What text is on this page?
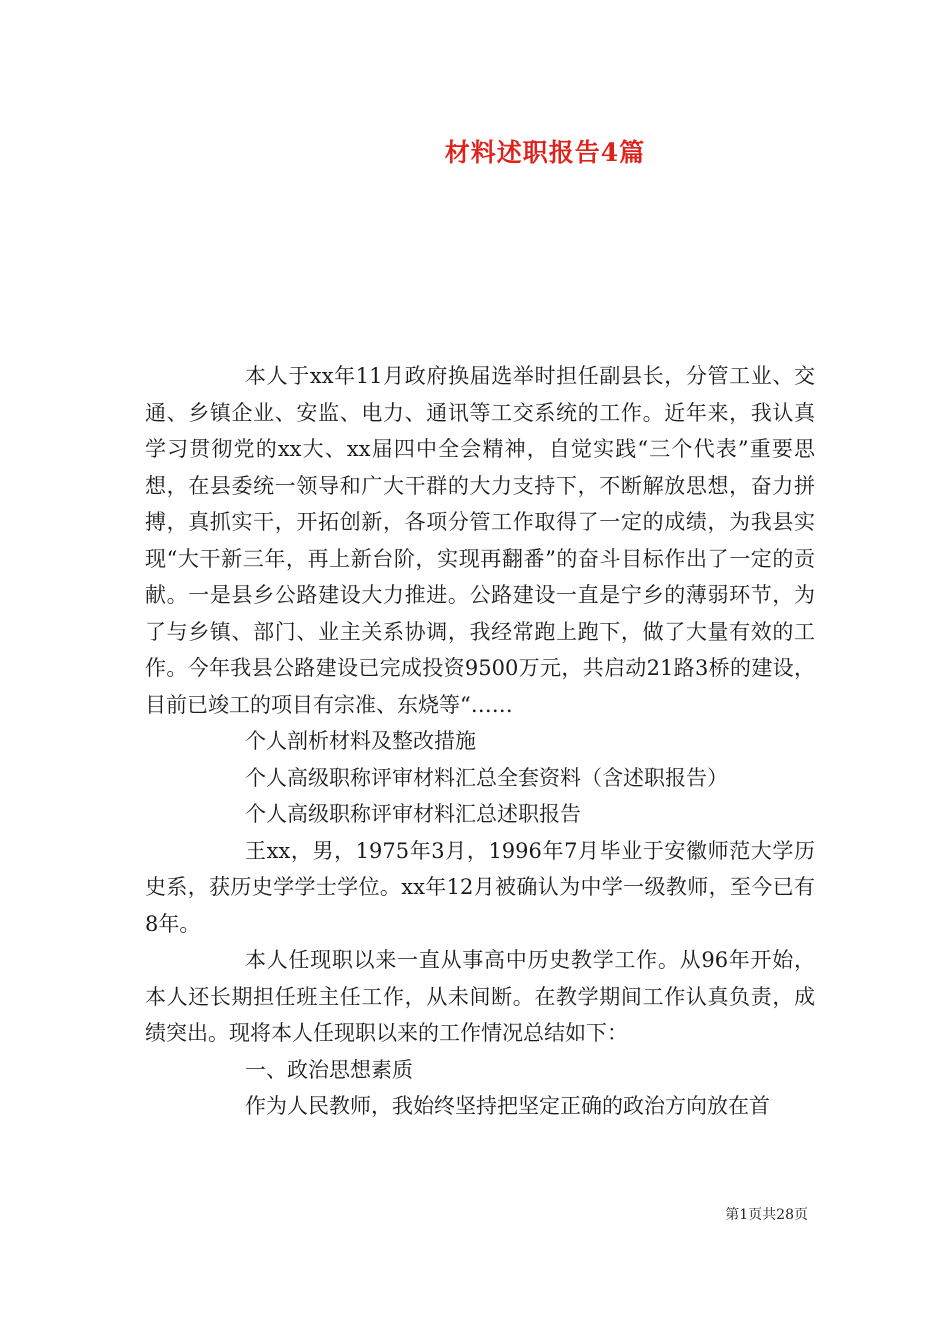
材料述职报告4篇

本人于xx年11月政府换届选举时担任副县长，分管工业、交通、乡镇企业、安监、电力、通讯等工交系统的工作。近年来，我认真学习贯彻党的xx大、xx届四中全会精神，自觉实践“三个代表”重要思想，在县委统一领导和广大干群的大力支持下，不断解放思想，奋力拼搏，真抓实干，开拓创新，各项分管工作取得了一定的成绩，为我县实现“大干新三年，再上新台阶，实现再翻番”的奋斗目标作出了一定的贡献。一是县乡公路建设大力推进。公路建设一直是宁乡的薄弱环节，为了与乡镇、部门、业主关系协调，我经常跑上跑下，做了大量有效的工作。今年我县公路建设已完成投资9500万元，共启动21路3桥的建设，目前已竣工的项目有宗准、东烧等“……

个人剖析材料及整改措施

个人高级职称评审材料汇总全套资料（含述职报告）

个人高级职称评审材料汇总述职报告

王xx，男，1975年3月，1996年7月毕业于安徽师范大学历史系，获历史学学士学位。xx年12月被确认为中学一级教师，至今已有8年。

本人任现职以来一直从事高中历史教学工作。从96年开始，本人还长期担任班主任工作，从未间断。在教学期间工作认真负责，成绩突出。现将本人任现职以来的工作情况总结如下：

一、政治思想素质

作为人民教师，我始终坚持把坚定正确的政治方向放在首

第1页共28页
